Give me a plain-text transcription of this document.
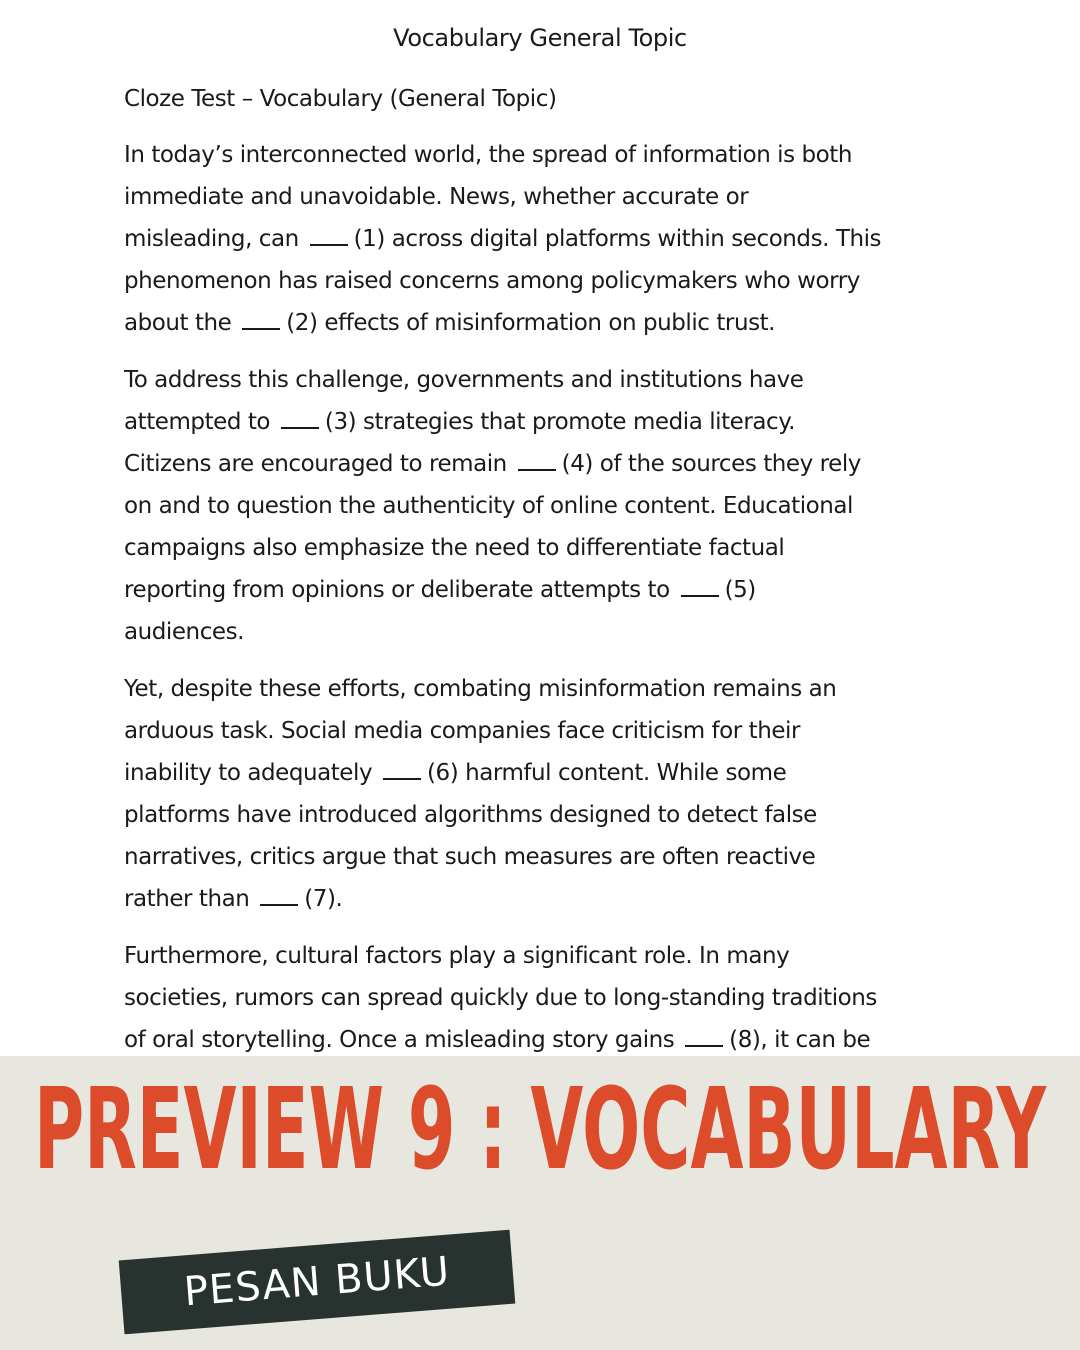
Vocabulary General Topic
Cloze Test – Vocabulary (General Topic)
In today’s interconnected world, the spread of information is both
immediate and unavoidable. News, whether accurate or
misleading, can (1) across digital platforms within seconds. This
phenomenon has raised concerns among policymakers who worry
about the (2) effects of misinformation on public trust.
To address this challenge, governments and institutions have
attempted to (3) strategies that promote media literacy.
Citizens are encouraged to remain (4) of the sources they rely
on and to question the authenticity of online content. Educational
campaigns also emphasize the need to differentiate factual
reporting from opinions or deliberate attempts to (5)
audiences.
Yet, despite these efforts, combating misinformation remains an
arduous task. Social media companies face criticism for their
inability to adequately (6) harmful content. While some
platforms have introduced algorithms designed to detect false
narratives, critics argue that such measures are often reactive
rather than (7).
Furthermore, cultural factors play a significant role. In many
societies, rumors can spread quickly due to long-standing traditions
of oral storytelling. Once a misleading story gains (8), it can be
PREVIEW 9 : VOCABULARY
PESAN BUKU
